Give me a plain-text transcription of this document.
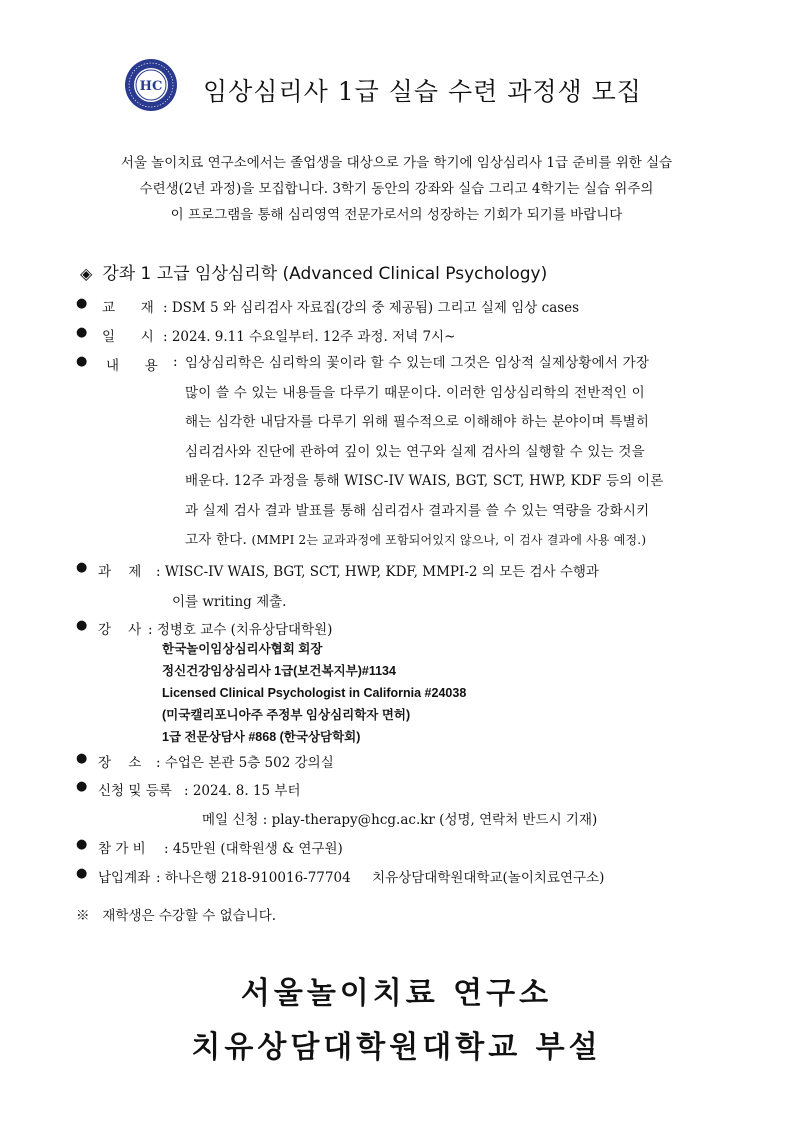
HC 임상심리사 1급 실습 수련 과정생 모집
서울 놀이치료 연구소에서는 졸업생을 대상으로 가을 학기에 임상심리사 1급 준비를 위한 실습
수련생(2년 과정)을 모집합니다. 3학기 동안의 강좌와 실습 그리고 4학기는 실습 위주의
이 프로그램을 통해 심리영역 전문가로서의 성장하는 기회가 되기를 바랍니다
◈ 강좌 1 고급 임상심리학 (Advanced Clinical Psychology)
● 교      재 : DSM 5 와 심리검사 자료집(강의 중 제공됨) 그리고 실제 임상 cases
● 일      시 : 2024. 9.11 수요일부터. 12주 과정. 저녁 7시~
● 내      용 : 임상심리학은 심리학의 꽃이라 할 수 있는데 그것은 임상적 실제상황에서 가장
많이 쓸 수 있는 내용들을 다루기 때문이다. 이러한 임상심리학의 전반적인 이
해는 심각한 내담자를 다루기 위해 필수적으로 이해해야 하는 분야이며 특별히
심리검사와 진단에 관하여 깊이 있는 연구와 실제 검사의 실행할 수 있는 것을
배운다. 12주 과정을 통해 WISC-IV WAIS, BGT, SCT, HWP, KDF 등의 이론
과 실제 검사 결과 발표를 통해 심리검사 결과지를 쓸 수 있는 역량을 강화시키
고자 한다. (MMPI 2는 교과과정에 포함되어있지 않으나, 이 검사 결과에 사용 예정.)
● 과    제 : WISC-IV WAIS, BGT, SCT, HWP, KDF, MMPI-2 의 모든 검사 수행과
이를 writing 제출.
● 강    사 : 정병호 교수 (치유상담대학원)
한국놀이임상심리사협회 회장
정신건강임상심리사 1급(보건복지부)#1134
Licensed Clinical Psychologist in California #24038
(미국캘리포니아주 주정부 임상심리학자 면허)
1급 전문상담사 #868 (한국상담학회)
● 장    소 : 수업은 본관 5층 502 강의실
● 신청 및 등록 : 2024. 8. 15 부터
메일 신청 : play-therapy@hcg.ac.kr (성명, 연락처 반드시 기재)
● 참 가 비 : 45만원 (대학원생 & 연구원)
● 납입계좌 : 하나은행 218-910016-77704     치유상담대학원대학교(놀이치료연구소)
※   재학생은 수강할 수 없습니다.
서울놀이치료 연구소
치유상담대학원대학교 부설
